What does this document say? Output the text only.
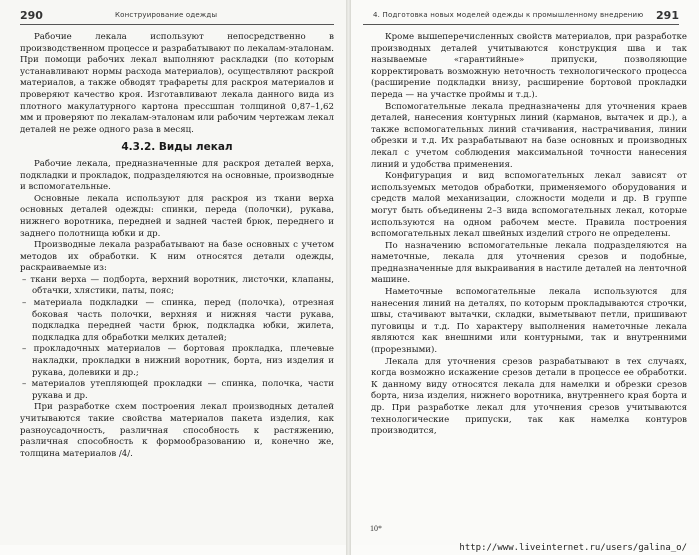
290	Конструирование одежды

Рабочие лекала используют непосредственно в производственном процессе и разрабатывают по лекалам-эталонам. При помощи рабочих лекал выполняют раскладки (по которым устанавливают нормы расхода материалов), осуществляют раскрой материалов, а также обводят трафареты для раскроя материалов и проверяют качество кроя. Изготавливают лекала данного вида из плотного макулатурного картона прессшпан толщиной 0,87–1,62 мм и проверяют по лекалам-эталонам или рабочим чертежам лекал деталей не реже одного раза в месяц.

4.3.2. Виды лекал

Рабочие лекала, предназначенные для раскроя деталей верха, подкладки и прокладок, подразделяются на основные, производные и вспомогательные.

Основные лекала используют для раскроя из ткани верха основных деталей одежды: спинки, переда (полочки), рукава, нижнего воротника, передней и задней частей брюк, переднего и заднего полотнища юбки и др.

Производные лекала разрабатывают на базе основных с учетом методов их обработки. К ним относятся детали одежды, раскраиваемые из:

– ткани верха — подборта, верхний воротник, листочки, клапаны, обтачки, хлястики, паты, пояс;

– материала подкладки — спинка, перед (полочка), отрезная боковая часть полочки, верхняя и нижняя части рукава, подкладка передней части брюк, подкладка юбки, жилета, подкладка для обработки мелких деталей;

– прокладочных материалов — бортовая прокладка, плечевые накладки, прокладки в нижний воротник, борта, низ изделия и рукава, долевики и др.;

– материалов утепляющей прокладки — спинка, полочка, части рукава и др.

При разработке схем построения лекал производных деталей учитываются такие свойства материалов пакета изделия, как разноусадочность, различная способность к растяжению, различная способность к формообразованию и, конечно же, толщина материалов /4/.

4. Подготовка новых моделей одежды к промышленному внедрению 291

Кроме вышеперечисленных свойств материалов, при разработке производных деталей учитываются конструкция шва и так называемые «гарантийные» припуски, позволяющие корректировать возможную неточность технологического процесса (расширение подкладки внизу, расширение бортовой прокладки переда — на участке проймы и т.д.).

Вспомогательные лекала предназначены для уточнения краев деталей, нанесения контурных линий (карманов, вытачек и др.), а также вспомогательных линий стачивания, настрачивания, линии обрезки и т.д. Их разрабатывают на базе основных и производных лекал с учетом соблюдения максимальной точности нанесения линий и удобства применения.

Конфигурация и вид вспомогательных лекал зависят от используемых методов обработки, применяемого оборудования и средств малой механизации, сложности модели и др. В группе могут быть объединены 2–3 вида вспомогательных лекал, которые используются на одном рабочем месте. Правила построения вспомогательных лекал швейных изделий строго не определены.

По назначению вспомогательные лекала подразделяются на наметочные, лекала для уточнения срезов и подобные, предназначенные для выкраивания в настиле деталей на ленточной машине.

Наметочные вспомогательные лекала используются для нанесения линий на деталях, по которым прокладываются строчки, швы, стачивают вытачки, складки, выметывают петли, пришивают пуговицы и т.д. По характеру выполнения наметочные лекала являются как внешними или контурными, так и внутренними (прорезными).

Лекала для уточнения срезов разрабатывают в тех случаях, когда возможно искажение срезов детали в процессе ее обработки. К данному виду относятся лекала для намелки и обрезки срезов борта, низа изделия, нижнего воротника, внутреннего края борта и др. При разработке лекал для уточнения срезов учитываются технологические припуски, так как намелка контуров производится,

10*
http://www.liveinternet.ru/users/galina_o/
